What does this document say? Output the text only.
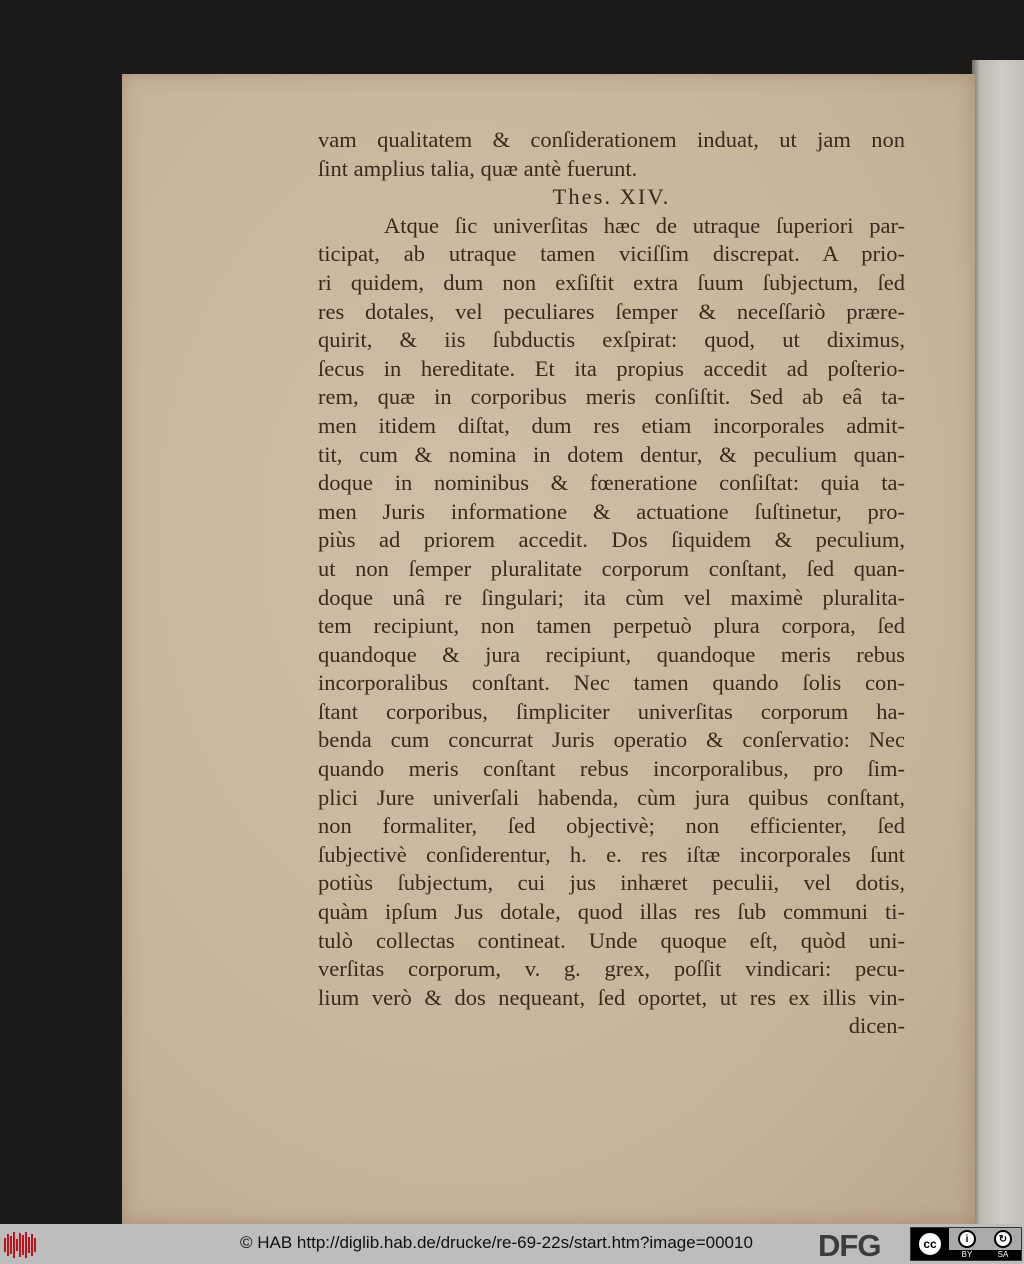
vam qualitatem & conſiderationem induat, ut jam non
ſint amplius talia, quæ antè fuerunt.
Thes. XIV.
Atque ſic univerſitas hæc de utraque ſuperiori par-
ticipat, ab utraque tamen viciſſim discrepat. A prio-
ri quidem, dum non exſiſtit extra ſuum ſubjectum, ſed
res dotales, vel peculiares ſemper & neceſſariò prære-
quirit, & iis ſubductis exſpirat: quod, ut diximus,
ſecus in hereditate. Et ita propius accedit ad poſterio-
rem, quæ in corporibus meris conſiſtit. Sed ab eâ ta-
men itidem diſtat, dum res etiam incorporales admit-
tit, cum & nomina in dotem dentur, & peculium quan-
doque in nominibus & fœneratione conſiſtat: quia ta-
men Juris informatione & actuatione ſuſtinetur, pro-
piùs ad priorem accedit. Dos ſiquidem & peculium,
ut non ſemper pluralitate corporum conſtant, ſed quan-
doque unâ re ſingulari; ita cùm vel maximè pluralita-
tem recipiunt, non tamen perpetuò plura corpora, ſed
quandoque & jura recipiunt, quandoque meris rebus
incorporalibus conſtant. Nec tamen quando ſolis con-
ſtant corporibus, ſimpliciter univerſitas corporum ha-
benda cum concurrat Juris operatio & conſervatio: Nec
quando meris conſtant rebus incorporalibus, pro ſim-
plici Jure univerſali habenda, cùm jura quibus conſtant,
non formaliter, ſed objectivè; non efficienter, ſed
ſubjectivè conſiderentur, h. e. res iſtæ incorporales ſunt
potiùs ſubjectum, cui jus inhæret peculii, vel dotis,
quàm ipſum Jus dotale, quod illas res ſub communi ti-
tulò collectas contineat. Unde quoque eſt, quòd uni-
verſitas corporum, v. g. grex, poſſit vindicari: pecu-
lium verò & dos nequeant, ſed oportet, ut res ex illis vin-
dicen-
© HAB http://diglib.hab.de/drucke/re-69-22s/start.htm?image=00010 DFG	cc	i	↻
BY	SA
